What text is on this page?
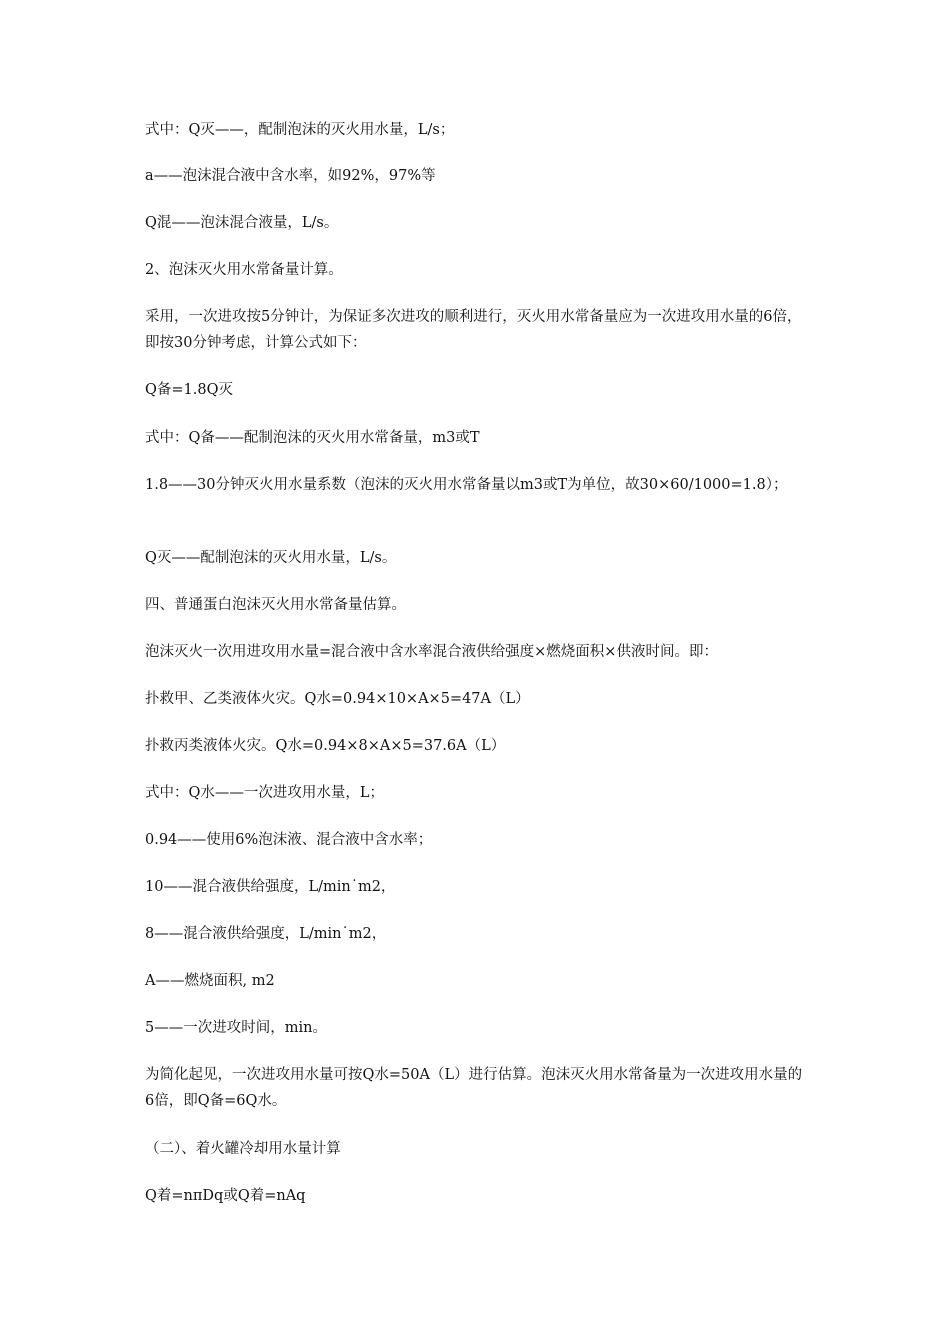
式中：Q灭——，配制泡沫的灭火用水量，L/s；

a——泡沫混合液中含水率，如92%，97%等

Q混——泡沫混合液量，L/s。

2、泡沫灭火用水常备量计算。

采用，一次进攻按5分钟计，为保证多次进攻的顺利进行，灭火用水常备量应为一次进攻用水量的6倍，即按30分钟考虑，计算公式如下：

Q备=1.8Q灭

式中：Q备——配制泡沫的灭火用水常备量，m3或T

1.8——30分钟灭火用水量系数（泡沫的灭火用水常备量以m3或T为单位，故30×60/1000=1.8）；

Q灭——配制泡沫的灭火用水量，L/s。

四、普通蛋白泡沫灭火用水常备量估算。

泡沫灭火一次用进攻用水量=混合液中含水率混合液供给强度×燃烧面积×供液时间。即：

扑救甲、乙类液体火灾。Q水=0.94×10×A×5=47A（L）

扑救丙类液体火灾。Q水=0.94×8×A×5=37.6A（L）

式中：Q水——一次进攻用水量，L；

0.94——使用6%泡沫液、混合液中含水率；

10——混合液供给强度，L/min˙m2，

8——混合液供给强度，L/min˙m2，

A——燃烧面积, m2

5——一次进攻时间，min。

为简化起见，一次进攻用水量可按Q水=50A（L）进行估算。泡沫灭火用水常备量为一次进攻用水量的6倍，即Q备=6Q水。

（二）、着火罐冷却用水量计算

Q着=nπDq或Q着=nAq
